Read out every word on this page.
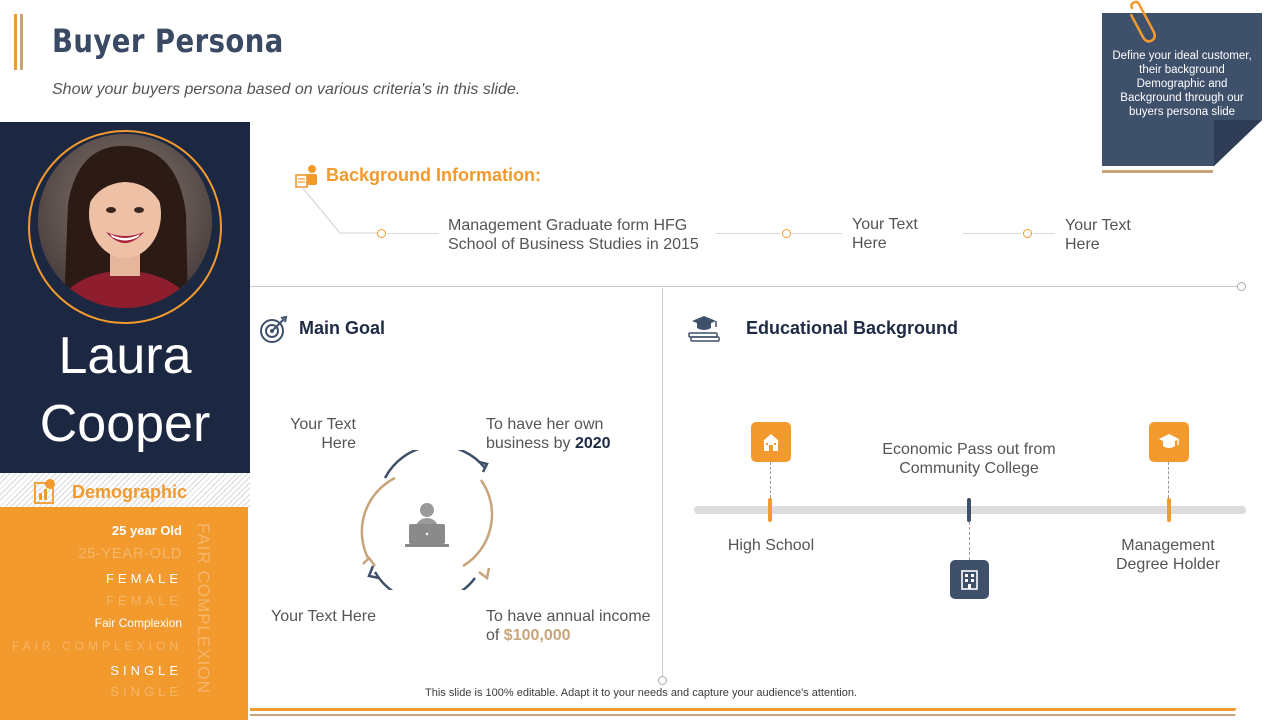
Buyer Persona
Show your buyers persona based on various criteria's in this slide.
Define your ideal customer, their background Demographic and Background through our buyers persona slide
Laura
Cooper
Demographic
25 year Old
25-YEAR-OLD
FEMALE
FEMALE
Fair Complexion
FAIR COMPLEXION
SINGLE
SINGLE FAIR COMPLEXION
Background Information:
Management Graduate form HFG School of Business Studies in 2015
Your Text Here
Your Text Here
Main Goal
Your Text Here
To have her own business by 2020
Your Text Here	To have annual income of $100,000
Educational Background
High School
Economic Pass out from Community College
Management Degree Holder
This slide is 100% editable. Adapt it to your needs and capture your audience's attention.
